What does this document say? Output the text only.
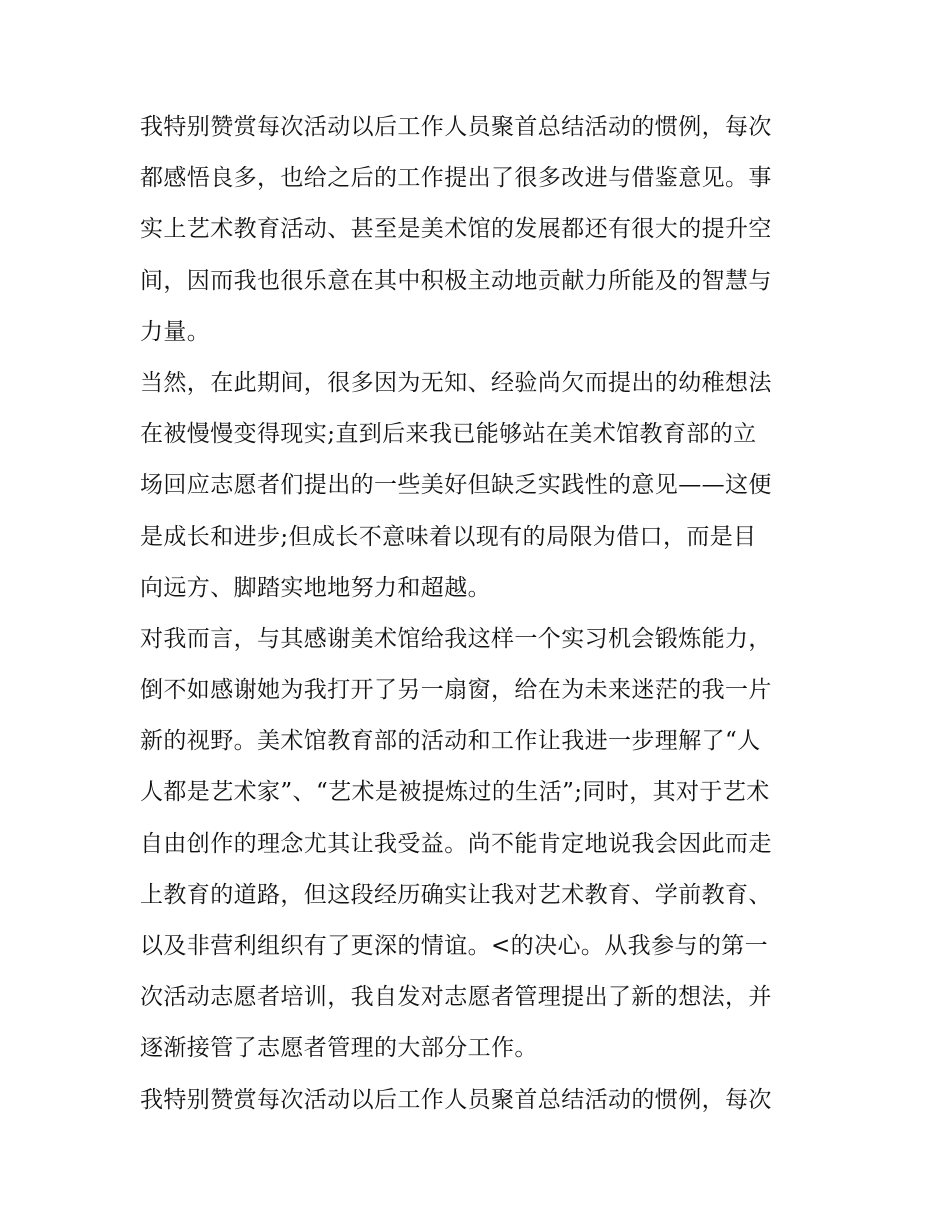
我特别赞赏每次活动以后工作人员聚首总结活动的惯例，每次
都感悟良多，也给之后的工作提出了很多改进与借鉴意见。事
实上艺术教育活动、甚至是美术馆的发展都还有很大的提升空
间，因而我也很乐意在其中积极主动地贡献力所能及的智慧与
力量。
当然，在此期间，很多因为无知、经验尚欠而提出的幼稚想法
在被慢慢变得现实;直到后来我已能够站在美术馆教育部的立
场回应志愿者们提出的一些美好但缺乏实践性的意见——这便
是成长和进步;但成长不意味着以现有的局限为借口，而是目
向远方、脚踏实地地努力和超越。
对我而言，与其感谢美术馆给我这样一个实习机会锻炼能力，
倒不如感谢她为我打开了另一扇窗，给在为未来迷茫的我一片
新的视野。美术馆教育部的活动和工作让我进一步理解了“人
人都是艺术家”、“艺术是被提炼过的生活”;同时，其对于艺术
自由创作的理念尤其让我受益。尚不能肯定地说我会因此而走
上教育的道路，但这段经历确实让我对艺术教育、学前教育、
以及非营利组织有了更深的情谊。<的决心。从我参与的第一
次活动志愿者培训，我自发对志愿者管理提出了新的想法，并
逐渐接管了志愿者管理的大部分工作。
我特别赞赏每次活动以后工作人员聚首总结活动的惯例，每次
